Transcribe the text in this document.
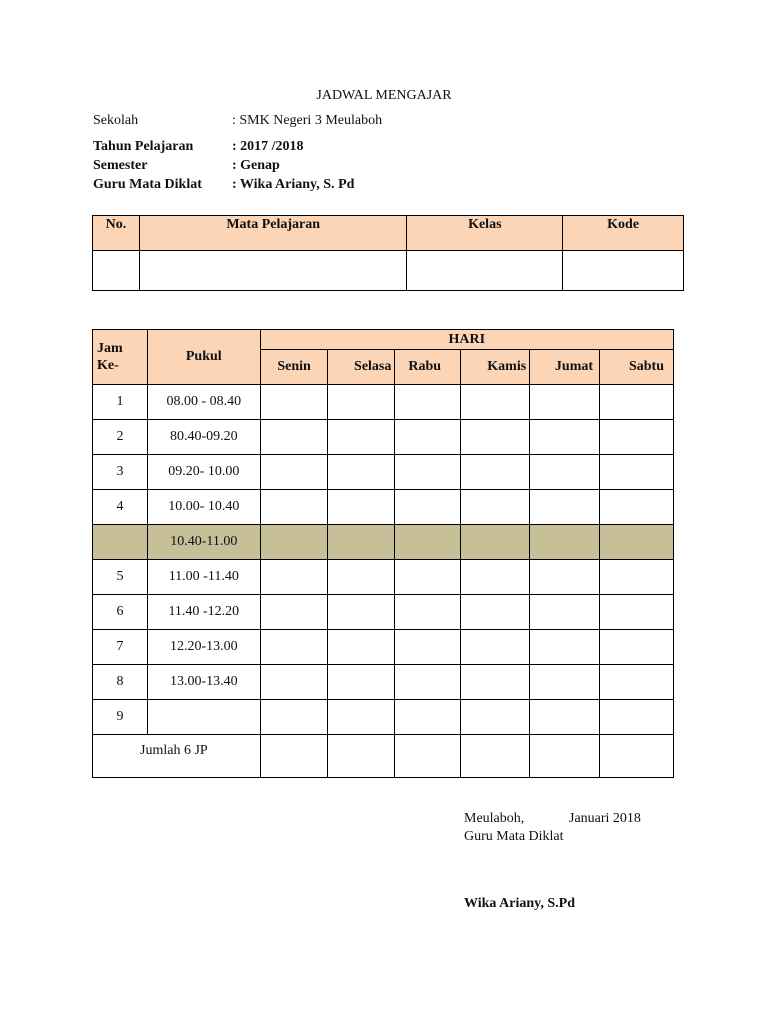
JADWAL MENGAJAR
Sekolah	: SMK Negeri 3 Meulaboh
Tahun Pelajaran	: 2017 /2018
Semester	: Genap
Guru Mata Diklat : Wika Ariany, S. Pd
No.	Mata Pelajaran	Kelas	Kode

Jam Ke-	Pukul	HARI					
		Senin	Selasa	Rabu	Kamis	Jumat	Sabtu
1	08.00 - 08.40						
2	80.40-09.20						
3	09.20- 10.00						
4	10.00- 10.40						
	10.40-11.00						
5	11.00 -11.40						
6	11.40 -12.20						
7	12.20-13.00						
8	13.00-13.40						
9							
Jumlah 6 JP							
Meulaboh,	Januari 2018
Guru Mata Diklat
Wika Ariany, S.Pd
